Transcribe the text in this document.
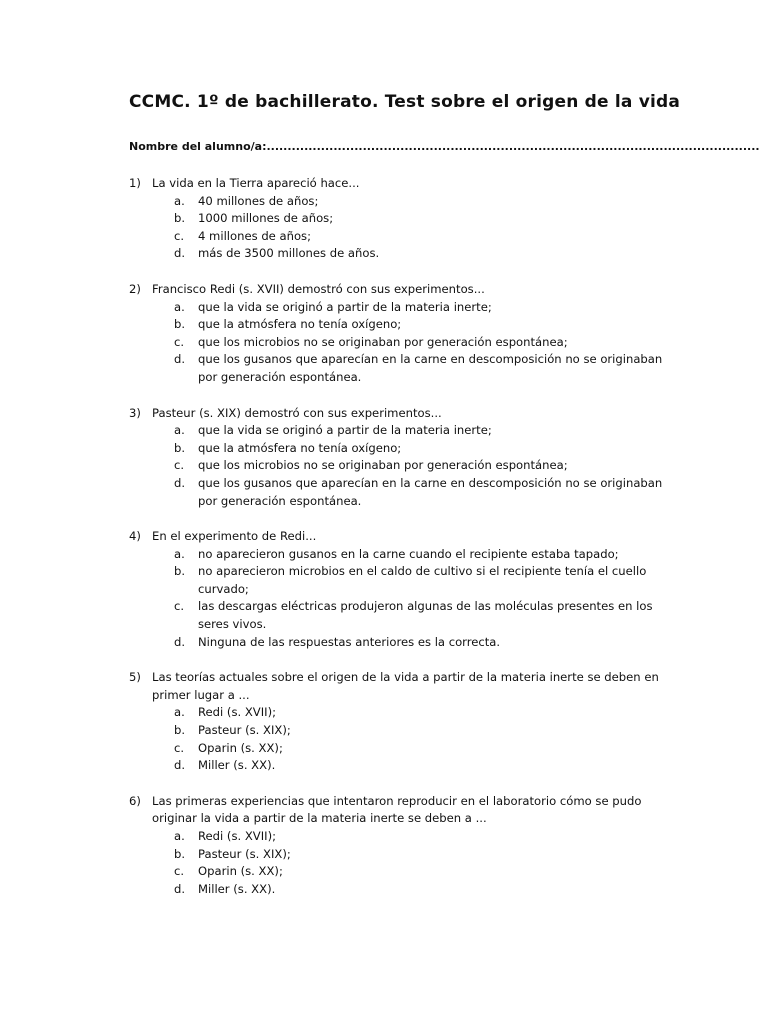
CCMC. 1º de bachillerato. Test sobre el origen de la vida
Nombre del alumno/a:......................................................................................................................
1) La vida en la Tierra apareció hace...
a.	40 millones de años;
b.	1000 millones de años;
c.	4 millones de años;
d.	más de 3500 millones de años.
2) Francisco Redi (s. XVII) demostró con sus experimentos...
a.	que la vida se originó a partir de la materia inerte;
b.	que la atmósfera no tenía oxígeno;
c.	que los microbios no se originaban por generación espontánea;
d.	que los gusanos que aparecían en la carne en descomposición no se originaban por generación espontánea.
3) Pasteur (s. XIX) demostró con sus experimentos...
a.	que la vida se originó a partir de la materia inerte;
b.	que la atmósfera no tenía oxígeno;
c.	que los microbios no se originaban por generación espontánea;
d.	que los gusanos que aparecían en la carne en descomposición no se originaban por generación espontánea.
4) En el experimento de Redi...
a.	no aparecieron gusanos en la carne cuando el recipiente estaba tapado;
b.	no aparecieron microbios en el caldo de cultivo si el recipiente tenía el cuello curvado;
c.	las descargas eléctricas produjeron algunas de las moléculas presentes en los seres vivos.
d.	Ninguna de las respuestas anteriores es la correcta.
5) Las teorías actuales sobre el origen de la vida a partir de la materia inerte se deben en primer lugar a ...
a.	Redi (s. XVII);
b.	Pasteur (s. XIX);
c.	Oparin (s. XX);
d.	Miller (s. XX).
6) Las primeras experiencias que intentaron reproducir en el laboratorio cómo se pudo originar la vida a partir de la materia inerte se deben a ...
a.	Redi (s. XVII);
b.	Pasteur (s. XIX);
c.	Oparin (s. XX);
d.	Miller (s. XX).
